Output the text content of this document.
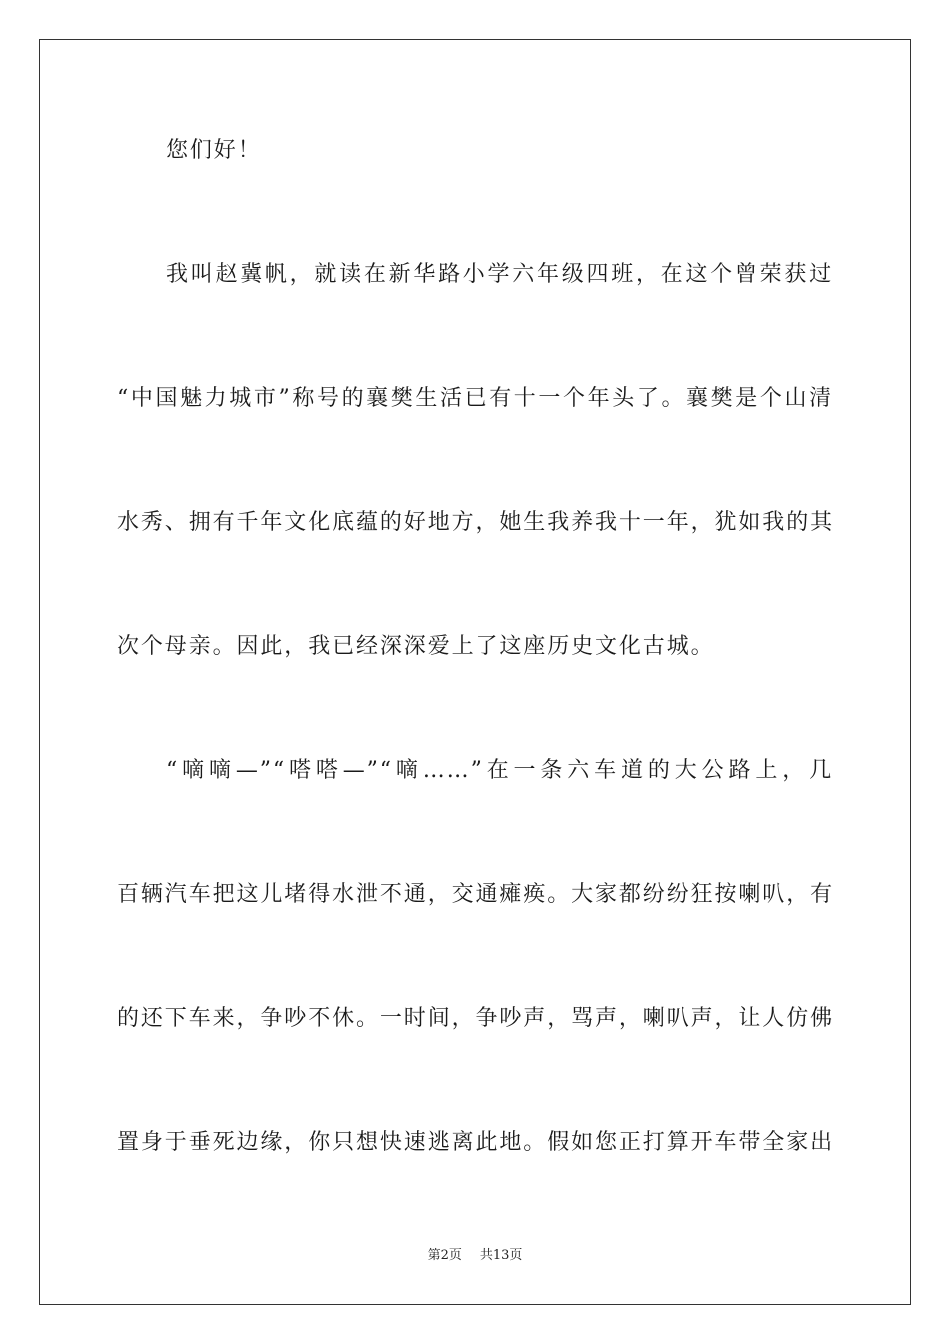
您们好！
我叫赵冀帆，就读在新华路小学六年级四班，在这个曾荣获过
“中国魅力城市”称号的襄樊生活已有十一个年头了。襄樊是个山清
水秀、拥有千年文化底蕴的好地方，她生我养我十一年，犹如我的其
次个母亲。因此，我已经深深爱上了这座历史文化古城。
“嘀嘀—”“嗒嗒—”“嘀……”在一条六车道的大公路上，几
百辆汽车把这儿堵得水泄不通，交通瘫痪。大家都纷纷狂按喇叭，有
的还下车来，争吵不休。一时间，争吵声，骂声，喇叭声，让人仿佛
置身于垂死边缘，你只想快速逃离此地。假如您正打算开车带全家出
第2页 共13页
